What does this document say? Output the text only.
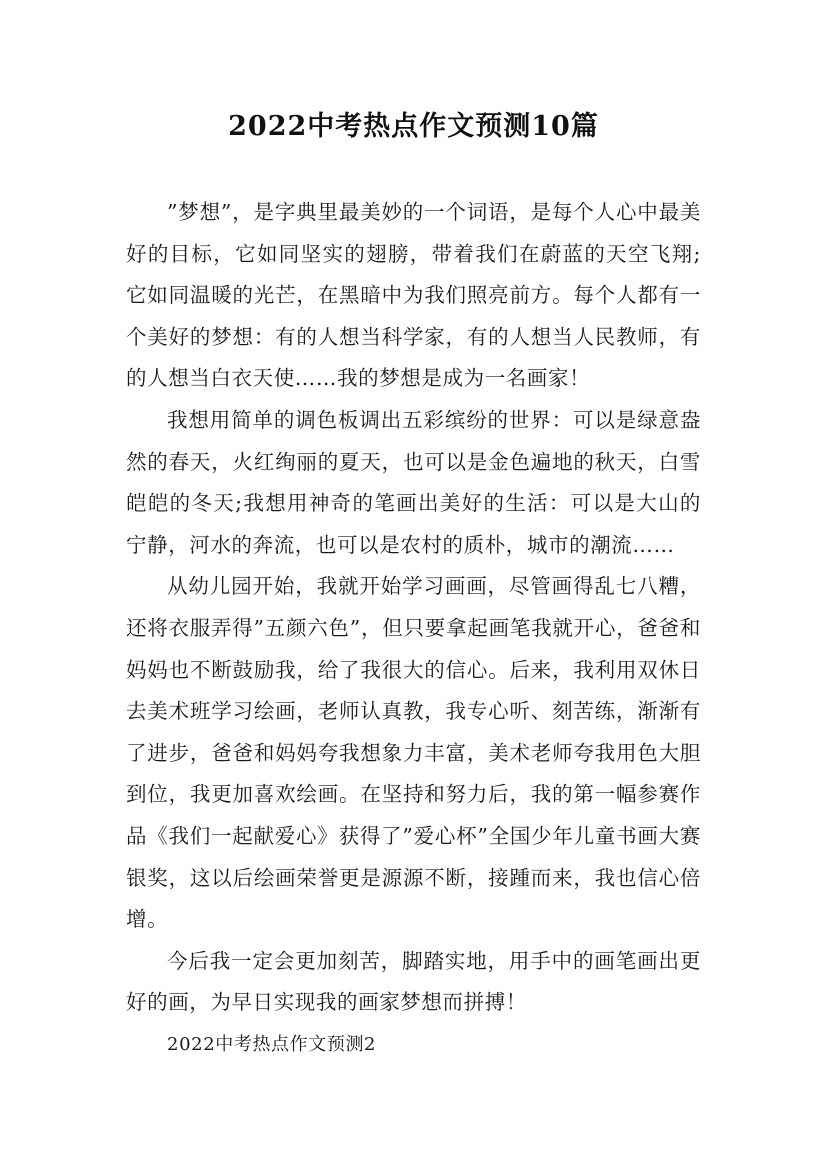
2022中考热点作文预测10篇

”梦想”，是字典里最美妙的一个词语，是每个人心中最美好的目标，它如同坚实的翅膀，带着我们在蔚蓝的天空飞翔;它如同温暖的光芒，在黑暗中为我们照亮前方。每个人都有一个美好的梦想：有的人想当科学家，有的人想当人民教师，有的人想当白衣天使……我的梦想是成为一名画家！

我想用简单的调色板调出五彩缤纷的世界：可以是绿意盎然的春天，火红绚丽的夏天，也可以是金色遍地的秋天，白雪皑皑的冬天;我想用神奇的笔画出美好的生活：可以是大山的宁静，河水的奔流，也可以是农村的质朴，城市的潮流……

从幼儿园开始，我就开始学习画画，尽管画得乱七八糟，还将衣服弄得”五颜六色”，但只要拿起画笔我就开心，爸爸和妈妈也不断鼓励我，给了我很大的信心。后来，我利用双休日去美术班学习绘画，老师认真教，我专心听、刻苦练，渐渐有了进步，爸爸和妈妈夸我想象力丰富，美术老师夸我用色大胆到位，我更加喜欢绘画。在坚持和努力后，我的第一幅参赛作品《我们一起献爱心》获得了”爱心杯”全国少年儿童书画大赛银奖，这以后绘画荣誉更是源源不断，接踵而来，我也信心倍增。

今后我一定会更加刻苦，脚踏实地，用手中的画笔画出更好的画，为早日实现我的画家梦想而拼搏！

2022中考热点作文预测2
